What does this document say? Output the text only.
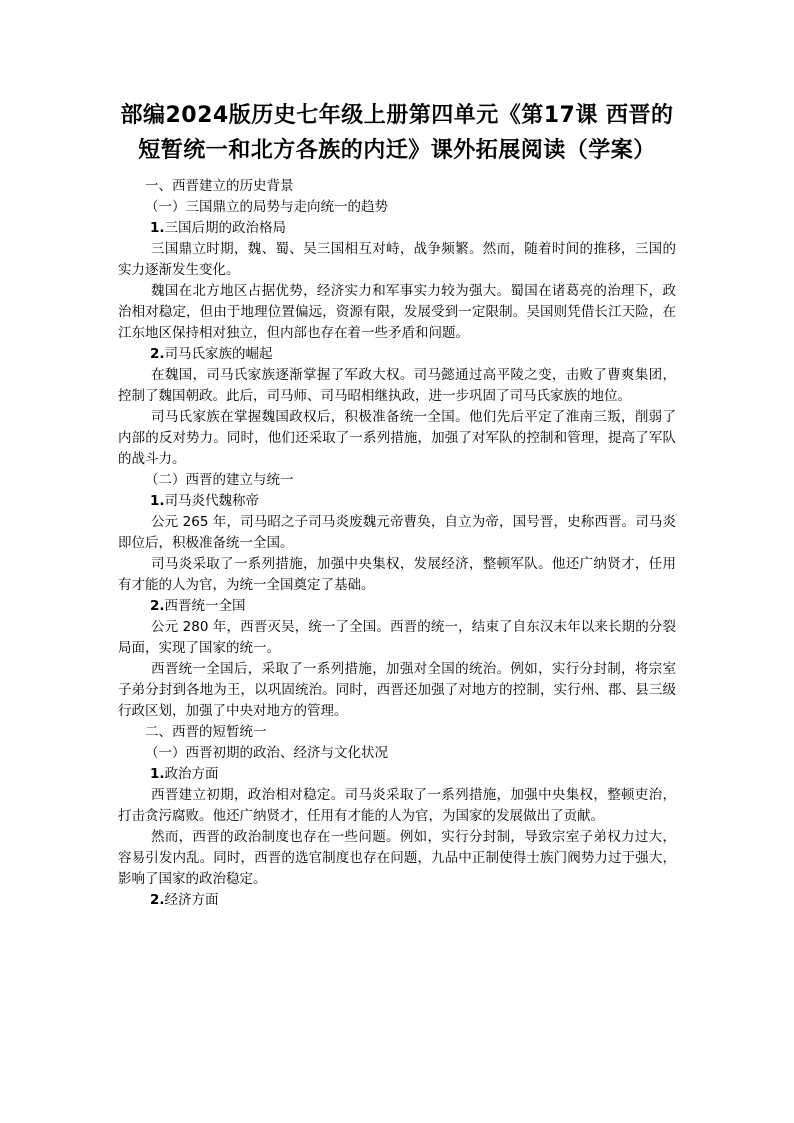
部编2024版历史七年级上册第四单元《第17课 西晋的短暂统一和北方各族的内迁》课外拓展阅读（学案）

一、西晋建立的历史背景

（一）三国鼎立的局势与走向统一的趋势

1.三国后期的政治格局

三国鼎立时期，魏、蜀、吴三国相互对峙，战争频繁。然而，随着时间的推移，三国的实力逐渐发生变化。

魏国在北方地区占据优势，经济实力和军事实力较为强大。蜀国在诸葛亮的治理下，政治相对稳定，但由于地理位置偏远，资源有限，发展受到一定限制。吴国则凭借长江天险，在江东地区保持相对独立，但内部也存在着一些矛盾和问题。

2.司马氏家族的崛起

在魏国，司马氏家族逐渐掌握了军政大权。司马懿通过高平陵之变，击败了曹爽集团，控制了魏国朝政。此后，司马师、司马昭相继执政，进一步巩固了司马氏家族的地位。

司马氏家族在掌握魏国政权后，积极准备统一全国。他们先后平定了淮南三叛，削弱了内部的反对势力。同时，他们还采取了一系列措施，加强了对军队的控制和管理，提高了军队的战斗力。

（二）西晋的建立与统一

1.司马炎代魏称帝

公元 265 年，司马昭之子司马炎废魏元帝曹奂，自立为帝，国号晋，史称西晋。司马炎即位后，积极准备统一全国。

司马炎采取了一系列措施，加强中央集权，发展经济，整顿军队。他还广纳贤才，任用有才能的人为官，为统一全国奠定了基础。

2.西晋统一全国

公元 280 年，西晋灭吴，统一了全国。西晋的统一，结束了自东汉末年以来长期的分裂局面，实现了国家的统一。

西晋统一全国后，采取了一系列措施，加强对全国的统治。例如，实行分封制，将宗室子弟分封到各地为王，以巩固统治。同时，西晋还加强了对地方的控制，实行州、郡、县三级行政区划，加强了中央对地方的管理。

二、西晋的短暂统一

（一）西晋初期的政治、经济与文化状况

1.政治方面

西晋建立初期，政治相对稳定。司马炎采取了一系列措施，加强中央集权，整顿吏治，打击贪污腐败。他还广纳贤才，任用有才能的人为官，为国家的发展做出了贡献。

然而，西晋的政治制度也存在一些问题。例如，实行分封制，导致宗室子弟权力过大，容易引发内乱。同时，西晋的选官制度也存在问题，九品中正制使得士族门阀势力过于强大，影响了国家的政治稳定。

2.经济方面
